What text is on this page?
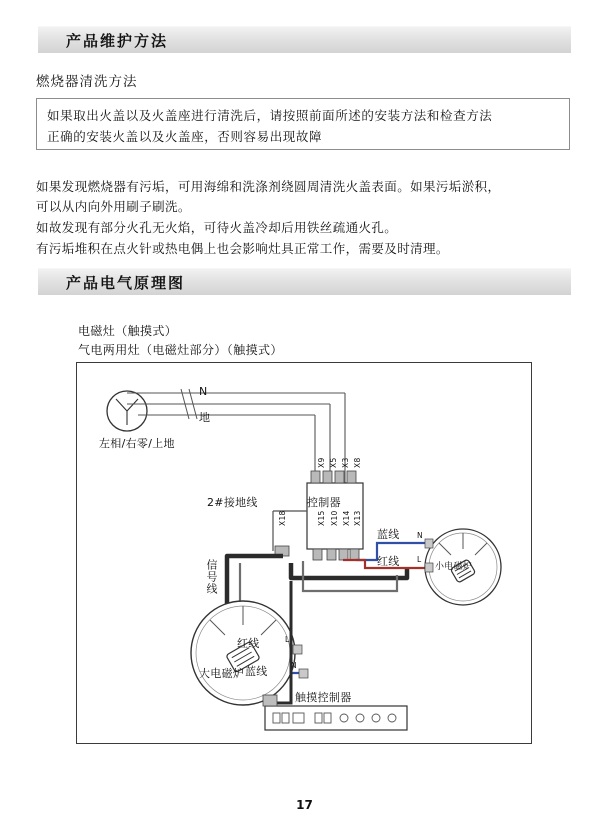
产品维护方法
燃烧器清洗方法
如果取出火盖以及火盖座进行清洗后，请按照前面所述的安装方法和检查方法
正确的安装火盖以及火盖座，否则容易出现故障
如果发现燃烧器有污垢，可用海绵和洗涤剂绕圆周清洗火盖表面。如果污垢淤积，
可以从内向外用刷子刷洗。
如故发现有部分火孔无火焰，可待火盖冷却后用铁丝疏通火孔。
有污垢堆积在点火针或热电偶上也会影响灶具正常工作，需要及时清理。
产品电气原理图
电磁灶（触摸式）
气电两用灶（电磁灶部分）（触摸式）
N
地
左相/右零/上地
2#接地线	控制器
X9 X5 X3 X8
X18	X15 X10 X14 X13
信号线
蓝线
红线
红线
蓝线
小电磁炉
大电磁炉
触摸控制器
N
L
L
N
17
